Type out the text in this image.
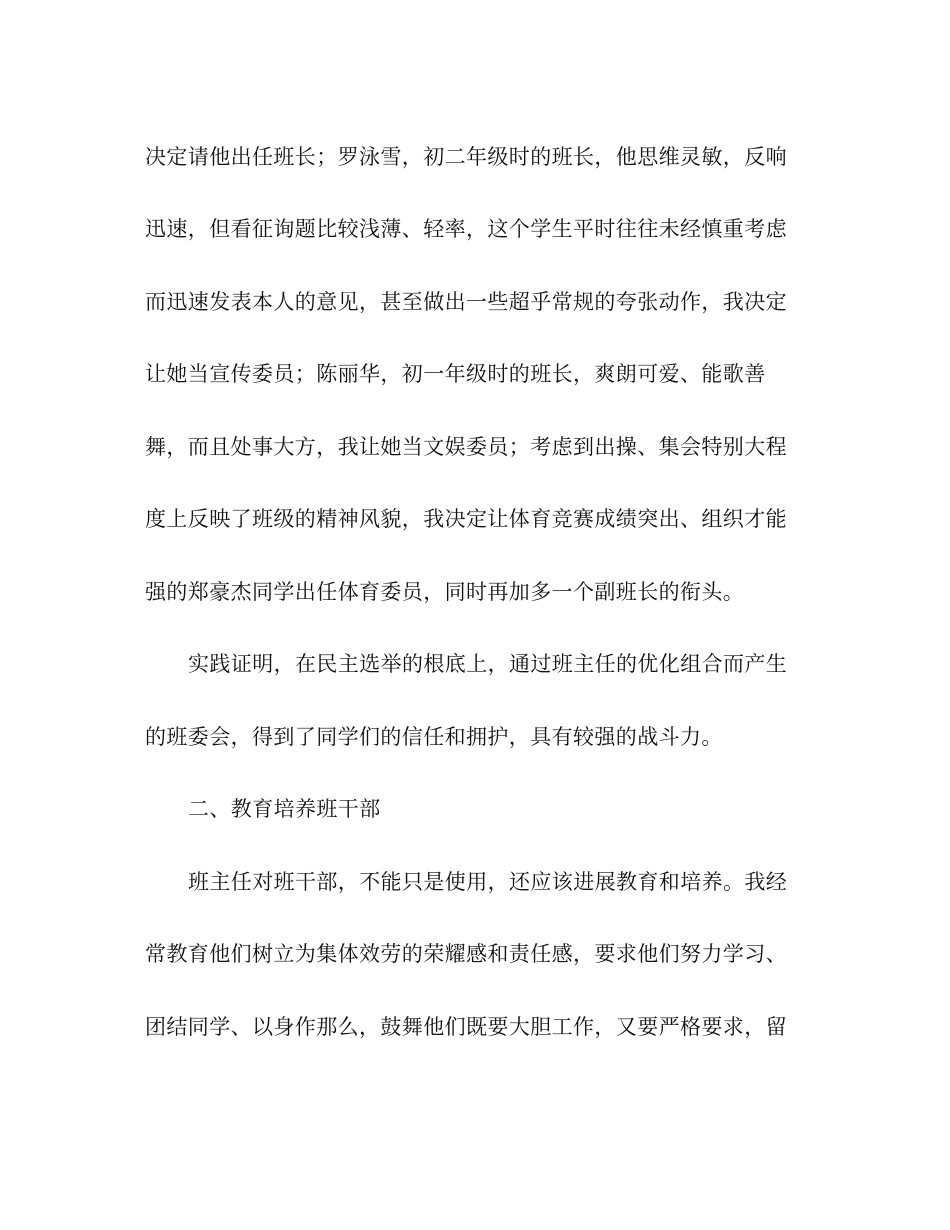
决定请他出任班长；罗泳雪，初二年级时的班长，他思维灵敏，反响
迅速，但看征询题比较浅薄、轻率，这个学生平时往往未经慎重考虑
而迅速发表本人的意见，甚至做出一些超乎常规的夸张动作，我决定
让她当宣传委员；陈丽华，初一年级时的班长，爽朗可爱、能歌善
舞，而且处事大方，我让她当文娱委员；考虑到出操、集会特别大程
度上反映了班级的精神风貌，我决定让体育竞赛成绩突出、组织才能
强的郑豪杰同学出任体育委员，同时再加多一个副班长的衔头。
实践证明，在民主选举的根底上，通过班主任的优化组合而产生
的班委会，得到了同学们的信任和拥护，具有较强的战斗力。
二、教育培养班干部
班主任对班干部，不能只是使用，还应该进展教育和培养。我经
常教育他们树立为集体效劳的荣耀感和责任感，要求他们努力学习、
团结同学、以身作那么，鼓舞他们既要大胆工作，又要严格要求，留
